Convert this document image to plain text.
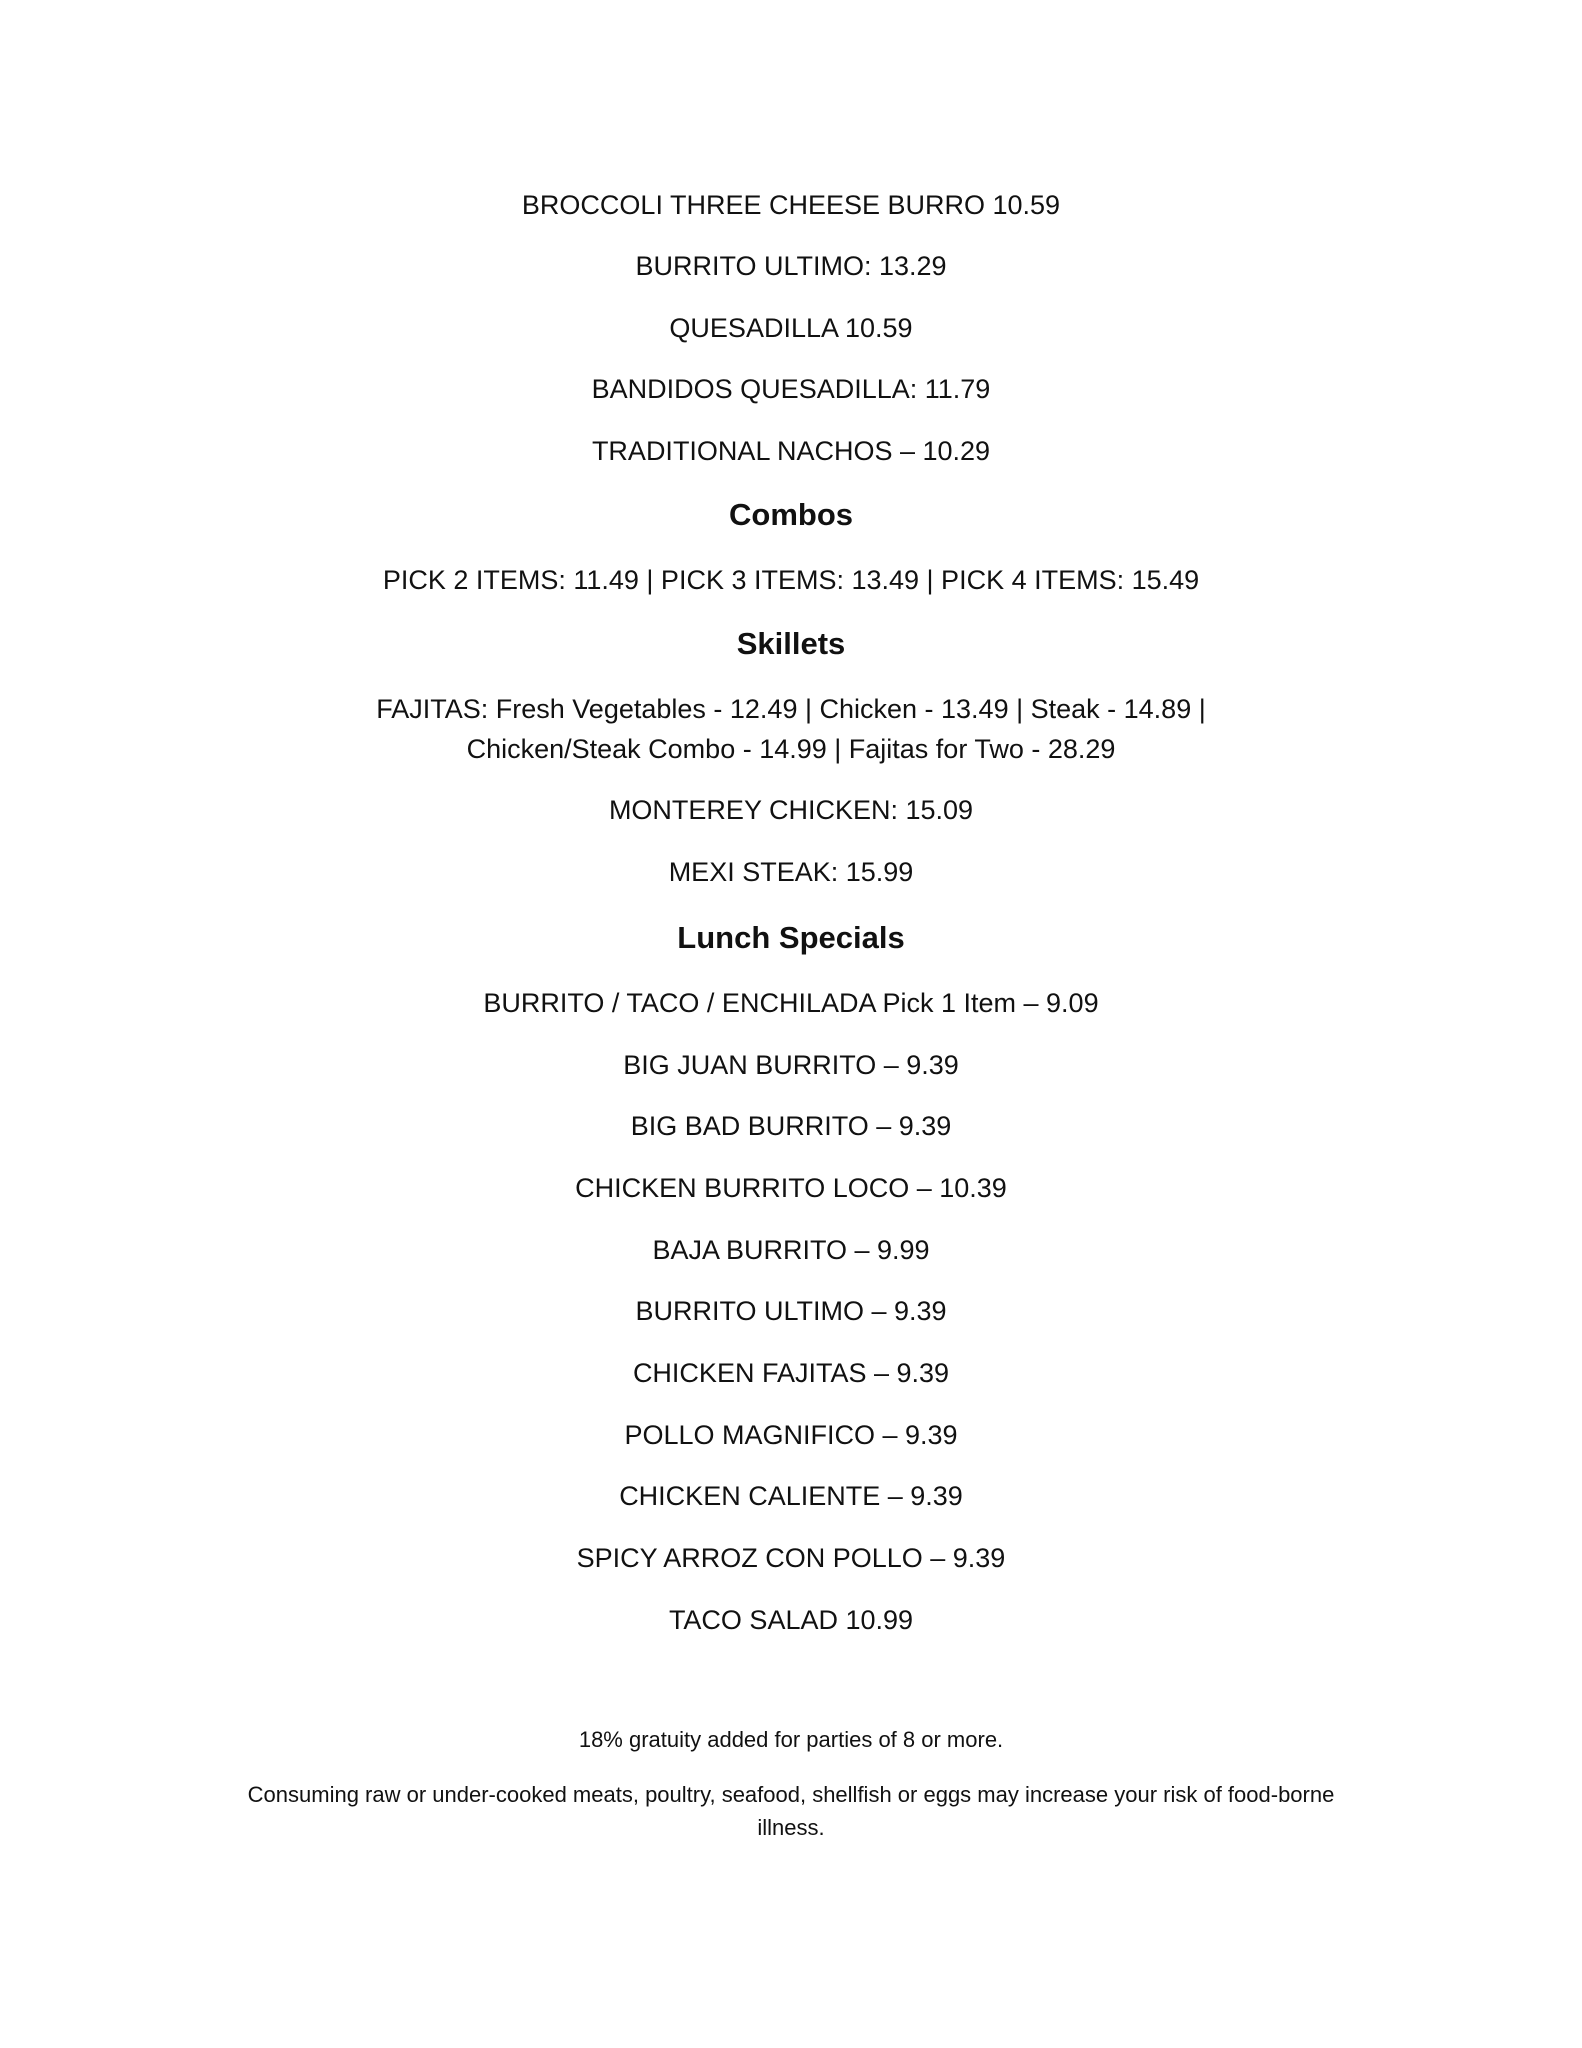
BROCCOLI THREE CHEESE BURRO 10.59

BURRITO ULTIMO: 13.29

QUESADILLA 10.59

BANDIDOS QUESADILLA: 11.79

TRADITIONAL NACHOS – 10.29

Combos

PICK 2 ITEMS: 11.49 | PICK 3 ITEMS: 13.49 | PICK 4 ITEMS: 15.49

Skillets

FAJITAS: Fresh Vegetables - 12.49 | Chicken - 13.49 | Steak - 14.89 |

Chicken/Steak Combo - 14.99 | Fajitas for Two - 28.29

MONTEREY CHICKEN: 15.09

MEXI STEAK: 15.99

Lunch Specials

BURRITO / TACO / ENCHILADA Pick 1 Item – 9.09

BIG JUAN BURRITO – 9.39

BIG BAD BURRITO – 9.39

CHICKEN BURRITO LOCO – 10.39

BAJA BURRITO – 9.99

BURRITO ULTIMO – 9.39

CHICKEN FAJITAS – 9.39

POLLO MAGNIFICO – 9.39

CHICKEN CALIENTE – 9.39

SPICY ARROZ CON POLLO – 9.39

TACO SALAD 10.99

18% gratuity added for parties of 8 or more.

Consuming raw or under-cooked meats, poultry, seafood, shellfish or eggs may increase your risk of food-borne

illness.
